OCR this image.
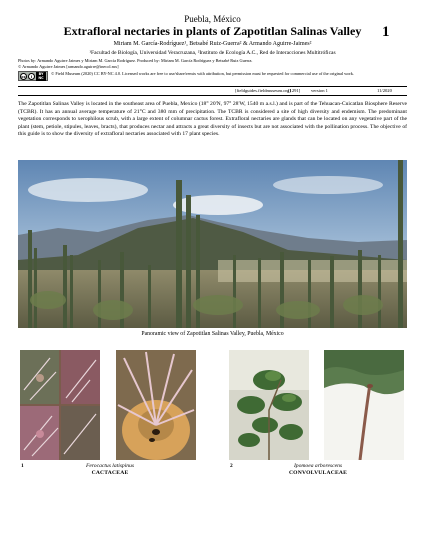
Puebla, México
Extrafloral nectaries in plants of Zapotitlan Salinas Valley 1
Miriam M. García-Rodríguez¹, Betsabé Ruiz-Guerra² & Armando Aguirre-Jaimes²
¹Facultad de Biología, Universidad Veracruzana, ²Instituto de Ecología A.C., Red de Interacciones Multitróficas
Photos by: Armando Aguirre Jaimes y Miriam M. García Rodríguez. Produced by: Miriam M. García Rodríguez y Betsabé Ruiz Guerra.
© Armando Aguirre Jaimes [armando.aguirre@inecol.mx]
cc	i	BY NC
© Field Museum (2020) CC BY-NC 4.0. Licensed works are free to use/share/remix with attribution, but permission must be requested for commercial use of the original work.
[fieldguides.fieldmuseum.org]
[1291] version 1	11/2020
The Zapotitlan Salinas Valley is located in the southeast area of Puebla, Mexico (18° 20'N, 97° 28'W, 1540 m a.s.l.) and is part of the Tehuacan-Cuicatlan Biosphere Reserve (TCBR). It has an annual average temperature of 21°C and 380 mm of precipitation. The TCBR is considered a site of high diversity and endemism. The predominant vegetation corresponds to xerophilous scrub, with a large extent of columnar cactus forest. Extrafloral nectaries are glands that can be located on any vegetative part of the plant (stem, petiole, stipules, leaves, bracts), that produces nectar and attracts a great diversity of insects but are not associated with the pollination process. The objective of this guide is to show the diversity of extrafloral nectaries associated with 17 plant species.
Panoramic view of Zapotitlan Salinas Valley, Puebla, México
1	Ferocactus latispinus
CACTACEAE
2	Ipomoea arborescens
CONVOLVULACEAE
